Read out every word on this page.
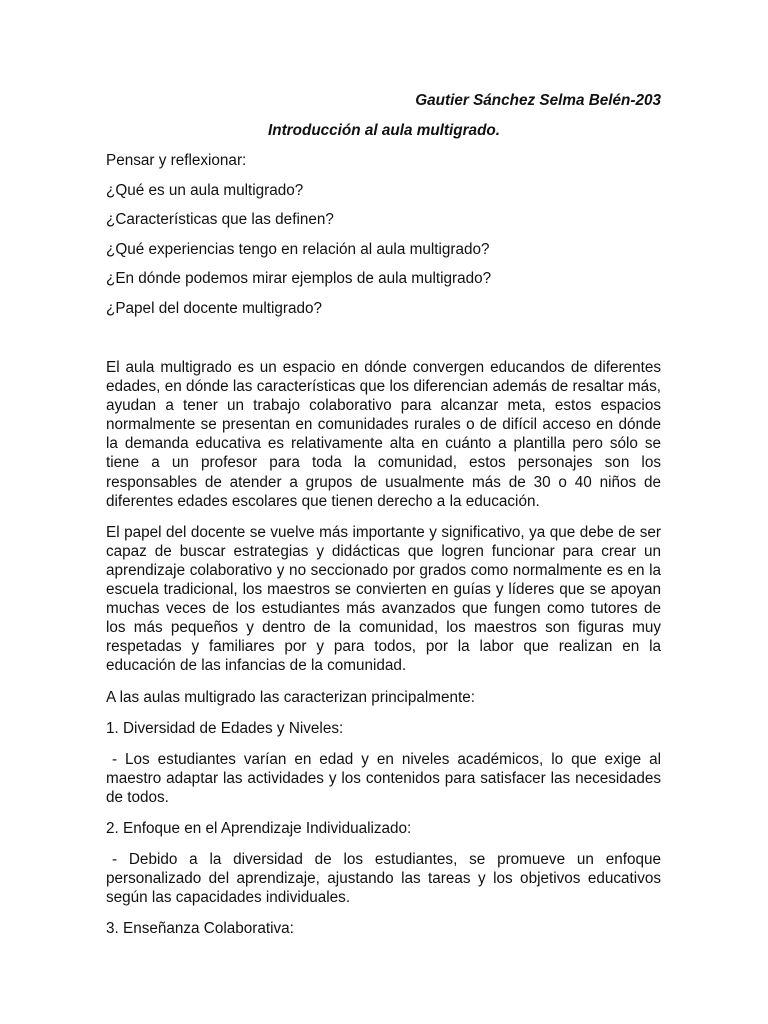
Gautier Sánchez Selma Belén-203
Introducción al aula multigrado.
Pensar y reflexionar:
¿Qué es un aula multigrado?
¿Características que las definen?
¿Qué experiencias tengo en relación al aula multigrado?
¿En dónde podemos mirar ejemplos de aula multigrado?
¿Papel del docente multigrado?

El aula multigrado es un espacio en dónde convergen educandos de diferentes edades, en dónde las características que los diferencian además de resaltar más, ayudan a tener un trabajo colaborativo para alcanzar meta, estos espacios normalmente se presentan en comunidades rurales o de difícil acceso en dónde la demanda educativa es relativamente alta en cuánto a plantilla pero sólo se tiene a un profesor para toda la comunidad, estos personajes son los responsables de atender a grupos de usualmente más de 30 o 40 niños de diferentes edades escolares que tienen derecho a la educación.

El papel del docente se vuelve más importante y significativo, ya que debe de ser capaz de buscar estrategias y didácticas que logren funcionar para crear un aprendizaje colaborativo y no seccionado por grados como normalmente es en la escuela tradicional, los maestros se convierten en guías y líderes que se apoyan muchas veces de los estudiantes más avanzados que fungen como tutores de los más pequeños y dentro de la comunidad, los maestros son figuras muy respetadas y familiares por y para todos, por la labor que realizan en la educación de las infancias de la comunidad.

A las aulas multigrado las caracterizan principalmente:

1. Diversidad de Edades y Niveles:

- Los estudiantes varían en edad y en niveles académicos, lo que exige al maestro adaptar las actividades y los contenidos para satisfacer las necesidades de todos.

2. Enfoque en el Aprendizaje Individualizado:

- Debido a la diversidad de los estudiantes, se promueve un enfoque personalizado del aprendizaje, ajustando las tareas y los objetivos educativos según las capacidades individuales.

3. Enseñanza Colaborativa:
